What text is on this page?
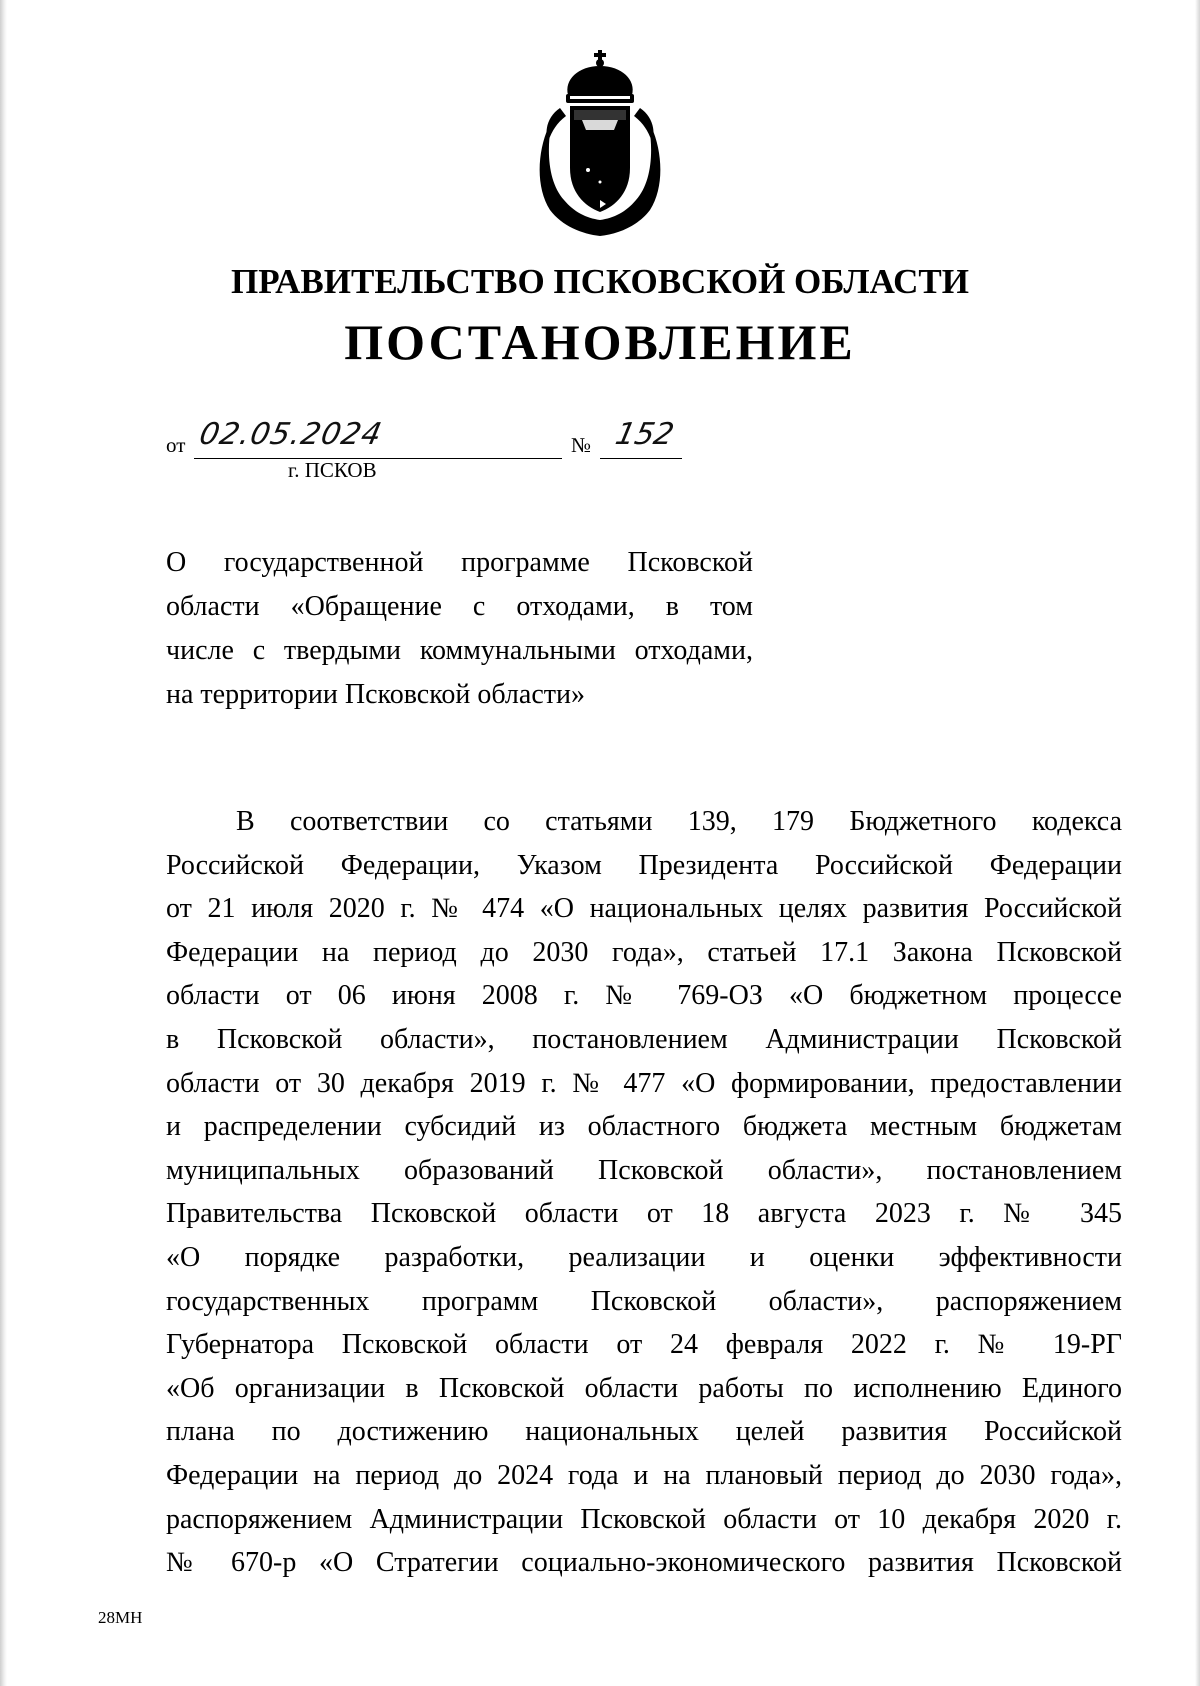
ПРАВИТЕЛЬСТВО ПСКОВСКОЙ ОБЛАСТИ
ПОСТАНОВЛЕНИЕ
от 02.05.2024	№ 152
г. ПСКОВ
О государственной программе Псковской
области «Обращение с отходами, в том
числе с твердыми коммунальными отходами,
на территории Псковской области»
В соответствии со статьями 139, 179 Бюджетного кодекса
Российской Федерации, Указом Президента Российской Федерации
от 21 июля 2020 г. № 474 «О национальных целях развития Российской
Федерации на период до 2030 года», статьей 17.1 Закона Псковской
области от 06 июня 2008 г. № 769-ОЗ «О бюджетном процессе
в Псковской области», постановлением Администрации Псковской
области от 30 декабря 2019 г. № 477 «О формировании, предоставлении
и распределении субсидий из областного бюджета местным бюджетам
муниципальных образований Псковской области», постановлением
Правительства Псковской области от 18 августа 2023 г. № 345
«О порядке разработки, реализации и оценки эффективности
государственных программ Псковской области», распоряжением
Губернатора Псковской области от 24 февраля 2022 г. № 19-РГ
«Об организации в Псковской области работы по исполнению Единого
плана по достижению национальных целей развития Российской
Федерации на период до 2024 года и на плановый период до 2030 года»,
распоряжением Администрации Псковской области от 10 декабря 2020 г.
№ 670-р «О Стратегии социально-экономического развития Псковской
28МН
